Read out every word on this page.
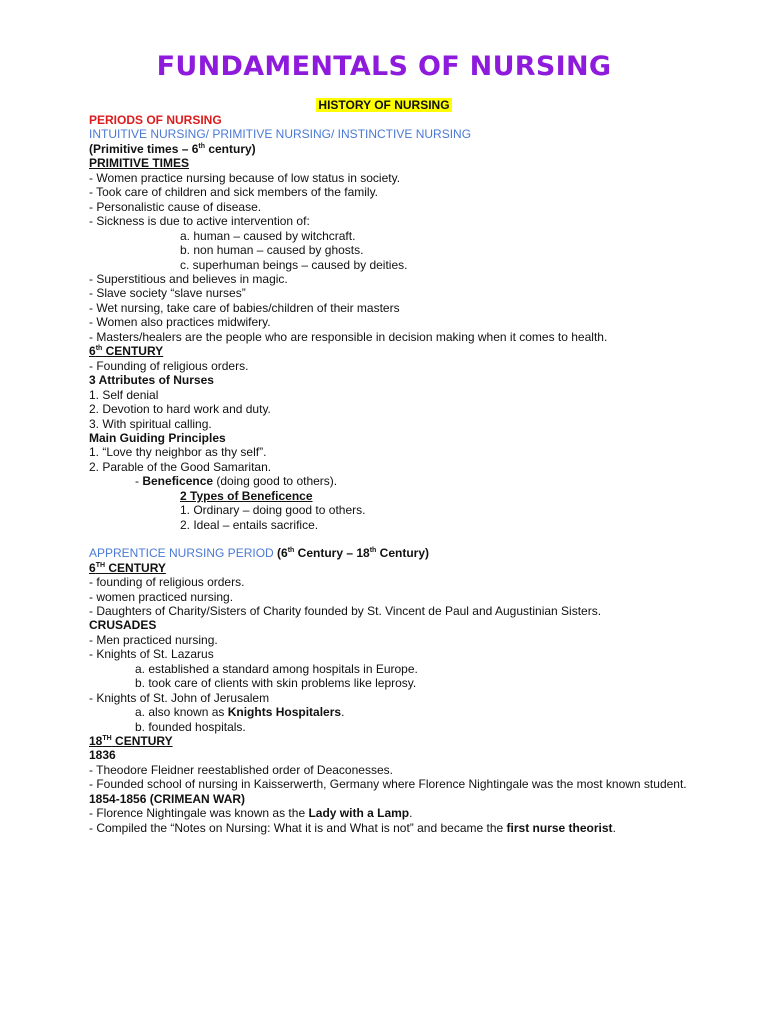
FUNDAMENTALS OF NURSING
HISTORY OF NURSING
PERIODS OF NURSING
INTUITIVE NURSING/ PRIMITIVE NURSING/ INSTINCTIVE NURSING
(Primitive times – 6th century)
PRIMITIVE TIMES
- Women practice nursing because of low status in society.
- Took care of children and sick members of the family.
- Personalistic cause of disease.
- Sickness is due to active intervention of:
a. human – caused by witchcraft.
b. non human – caused by ghosts.
c. superhuman beings – caused by deities.
- Superstitious and believes in magic.
- Slave society “slave nurses”
- Wet nursing, take care of babies/children of their masters
- Women also practices midwifery.
- Masters/healers are the people who are responsible in decision making when it comes to health.
6th CENTURY
- Founding of religious orders.
3 Attributes of Nurses
1. Self denial
2. Devotion to hard work and duty.
3. With spiritual calling.
Main Guiding Principles
1. “Love thy neighbor as thy self”.
2. Parable of the Good Samaritan.
- Beneficence (doing good to others).
2 Types of Beneficence
1. Ordinary – doing good to others.
2. Ideal – entails sacrifice.
APPRENTICE NURSING PERIOD (6th Century – 18th Century)
6TH CENTURY
- founding of religious orders.
- women practiced nursing.
- Daughters of Charity/Sisters of Charity founded by St. Vincent de Paul and Augustinian Sisters.
CRUSADES
- Men practiced nursing.
- Knights of St. Lazarus
a. established a standard among hospitals in Europe.
b. took care of clients with skin problems like leprosy.
- Knights of St. John of Jerusalem
a. also known as Knights Hospitalers.
b. founded hospitals.
18TH CENTURY
1836
- Theodore Fleidner reestablished order of Deaconesses.
- Founded school of nursing in Kaisserwerth, Germany where Florence Nightingale was the most known student.
1854-1856 (CRIMEAN WAR)
- Florence Nightingale was known as the Lady with a Lamp.
- Compiled the “Notes on Nursing: What it is and What is not” and became the first nurse theorist.
